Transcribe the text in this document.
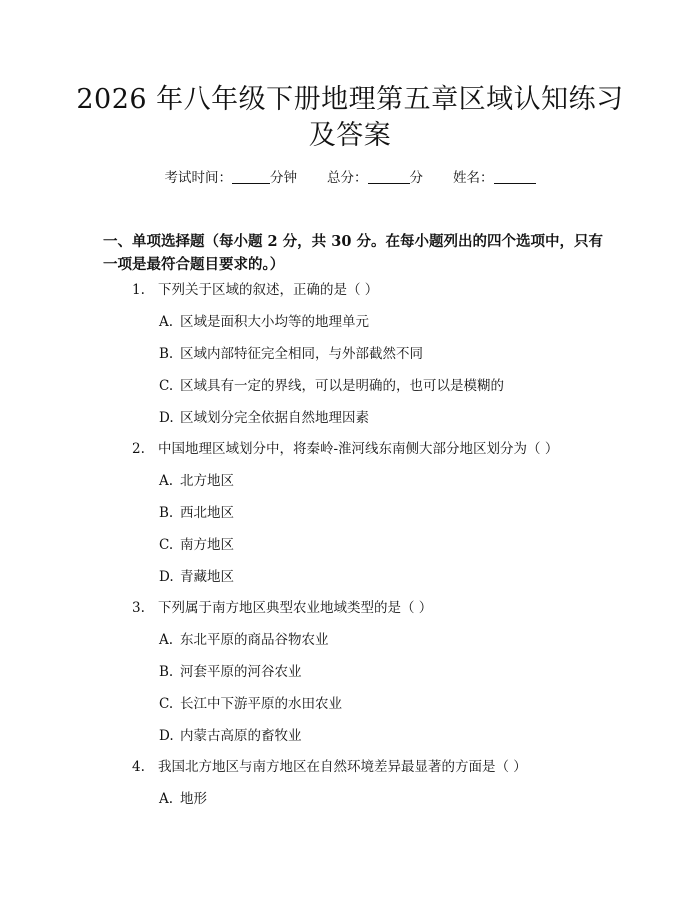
2026 年八年级下册地理第五章区域认知练习
及答案
考试时间：	分钟 总分：	分 姓名：
一、单项选择题（每小题 2 分，共 30 分。在每小题列出的四个选项中，只有一项是最符合题目要求的。）
1. 下列关于区域的叙述，正确的是（ ）
A. 区域是面积大小均等的地理单元
B. 区域内部特征完全相同，与外部截然不同
C. 区域具有一定的界线，可以是明确的，也可以是模糊的
D. 区域划分完全依据自然地理因素
2. 中国地理区域划分中，将秦岭-淮河线东南侧大部分地区划分为（ ）
A. 北方地区
B. 西北地区
C. 南方地区
D. 青藏地区
3. 下列属于南方地区典型农业地域类型的是（ ）
A. 东北平原的商品谷物农业
B. 河套平原的河谷农业
C. 长江中下游平原的水田农业
D. 内蒙古高原的畜牧业
4. 我国北方地区与南方地区在自然环境差异最显著的方面是（ ）
A. 地形
